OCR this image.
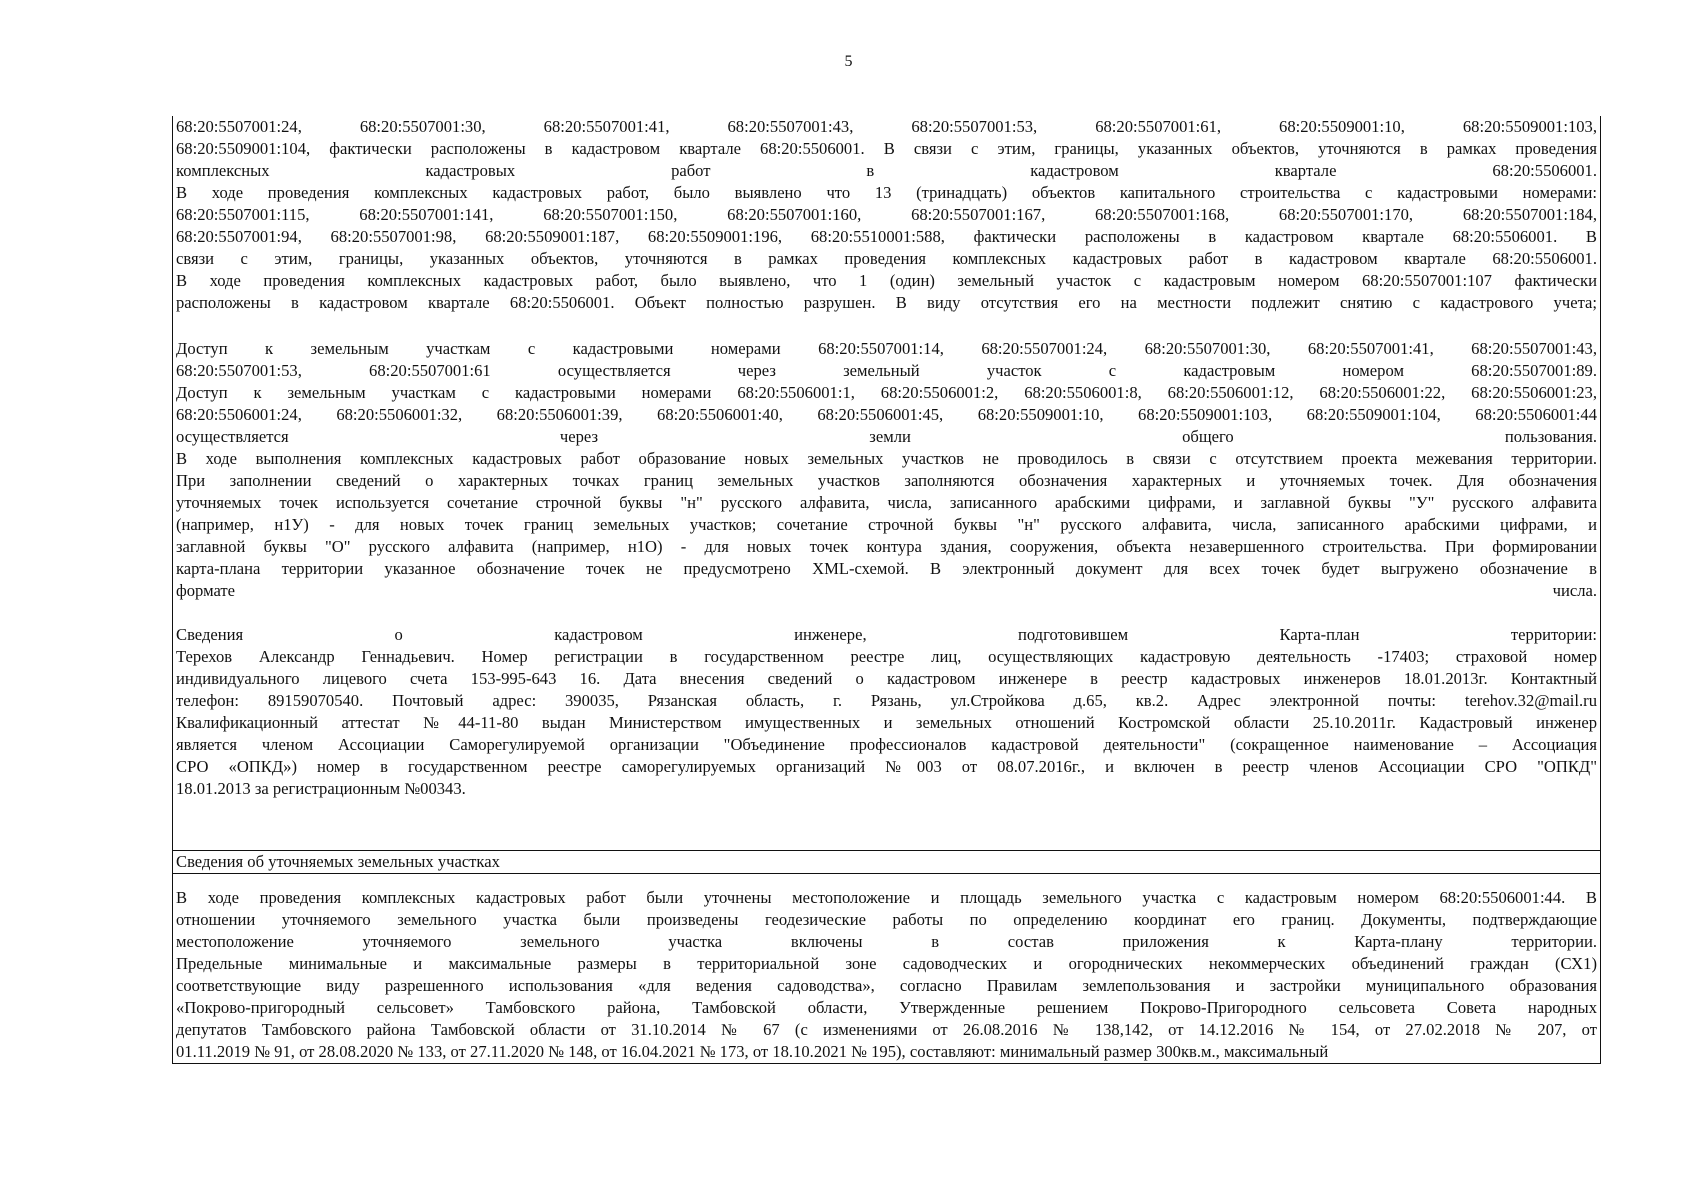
5

68:20:5507001:24, 68:20:5507001:30, 68:20:5507001:41, 68:20:5507001:43, 68:20:5507001:53, 68:20:5507001:61, 68:20:5509001:10, 68:20:5509001:103,

68:20:5509001:104, фактически расположены в кадастровом квартале 68:20:5506001. В связи с этим, границы, указанных объектов, уточняются в рамках проведения

комплексных кадастровых работ в кадастровом квартале 68:20:5506001.

В ходе проведения комплексных кадастровых работ, было выявлено что 13 (тринадцать) объектов капитального строительства с кадастровыми номерами:

68:20:5507001:115, 68:20:5507001:141, 68:20:5507001:150, 68:20:5507001:160, 68:20:5507001:167, 68:20:5507001:168, 68:20:5507001:170, 68:20:5507001:184,

68:20:5507001:94, 68:20:5507001:98, 68:20:5509001:187, 68:20:5509001:196, 68:20:5510001:588, фактически расположены в кадастровом квартале 68:20:5506001. В

связи с этим, границы, указанных объектов, уточняются в рамках проведения комплексных кадастровых работ в кадастровом квартале 68:20:5506001.

В ходе проведения комплексных кадастровых работ, было выявлено, что 1 (один) земельный участок с кадастровым номером 68:20:5507001:107 фактически

расположены в кадастровом квартале 68:20:5506001. Объект полностью разрушен. В виду отсутствия его на местности подлежит снятию с кадастрового учета;

Доступ к земельным участкам с кадастровыми номерами 68:20:5507001:14, 68:20:5507001:24, 68:20:5507001:30, 68:20:5507001:41, 68:20:5507001:43,

68:20:5507001:53, 68:20:5507001:61 осуществляется через земельный участок с кадастровым номером 68:20:5507001:89.

Доступ к земельным участкам с кадастровыми номерами 68:20:5506001:1, 68:20:5506001:2, 68:20:5506001:8, 68:20:5506001:12, 68:20:5506001:22, 68:20:5506001:23,

68:20:5506001:24, 68:20:5506001:32, 68:20:5506001:39, 68:20:5506001:40, 68:20:5506001:45, 68:20:5509001:10, 68:20:5509001:103, 68:20:5509001:104, 68:20:5506001:44

осуществляется через земли общего пользования.

В ходе выполнения комплексных кадастровых работ образование новых земельных участков не проводилось в связи с отсутствием проекта межевания территории.

При заполнении сведений о характерных точках границ земельных участков заполняются обозначения характерных и уточняемых точек. Для обозначения

уточняемых точек используется сочетание строчной буквы "н" русского алфавита, числа, записанного арабскими цифрами, и заглавной буквы "У" русского алфавита

(например, н1У) - для новых точек границ земельных участков; сочетание строчной буквы "н" русского алфавита, числа, записанного арабскими цифрами, и

заглавной буквы "О" русского алфавита (например, н1О) - для новых точек контура здания, сооружения, объекта незавершенного строительства. При формировании

карта-плана территории указанное обозначение точек не предусмотрено XML-схемой. В электронный документ для всех точек будет выгружено обозначение в

формате числа.

Сведения о кадастровом инженере, подготовившем Карта-план территории:

Терехов Александр Геннадьевич. Номер регистрации в государственном реестре лиц, осуществляющих кадастровую деятельность -17403; страховой номер

индивидуального лицевого счета 153-995-643 16. Дата внесения сведений о кадастровом инженере в реестр кадастровых инженеров 18.01.2013г. Контактный

телефон: 89159070540. Почтовый адрес: 390035, Рязанская область, г. Рязань, ул.Стройкова д.65, кв.2. Адрес электронной почты: terehov.32@mail.ru

Квалификационный аттестат №44-11-80 выдан Министерством имущественных и земельных отношений Костромской области 25.10.2011г. Кадастровый инженер

является членом Ассоциации Саморегулируемой организации "Объединение профессионалов кадастровой деятельности" (сокращенное наименование – Ассоциация

СРО «ОПКД») номер в государственном реестре саморегулируемых организаций №003 от 08.07.2016г., и включен в реестр членов Ассоциации СРО "ОПКД"

18.01.2013 за регистрационным №00343.

Сведения об уточняемых земельных участках

В ходе проведения комплексных кадастровых работ были уточнены местоположение и площадь земельного участка с кадастровым номером 68:20:5506001:44. В

отношении уточняемого земельного участка были произведены геодезические работы по определению координат его границ. Документы, подтверждающие

местоположение уточняемого земельного участка включены в состав приложения к Карта-плану территории.

Предельные минимальные и максимальные размеры в территориальной зоне садоводческих и огороднических некоммерческих объединений граждан (СХ1)

соответствующие виду разрешенного использования «для ведения садоводства», согласно Правилам землепользования и застройки муниципального образования

«Покрово-пригородный сельсовет» Тамбовского района, Тамбовской области, Утвержденные решением Покрово-Пригородного сельсовета Совета народных

депутатов Тамбовского района Тамбовской области от 31.10.2014 № 67 (с изменениями от 26.08.2016 № 138,142, от 14.12.2016 № 154, от 27.02.2018 № 207, от

01.11.2019 № 91, от 28.08.2020 № 133, от 27.11.2020 № 148, от 16.04.2021 № 173, от 18.10.2021 № 195), составляют: минимальный размер 300кв.м., максимальный
